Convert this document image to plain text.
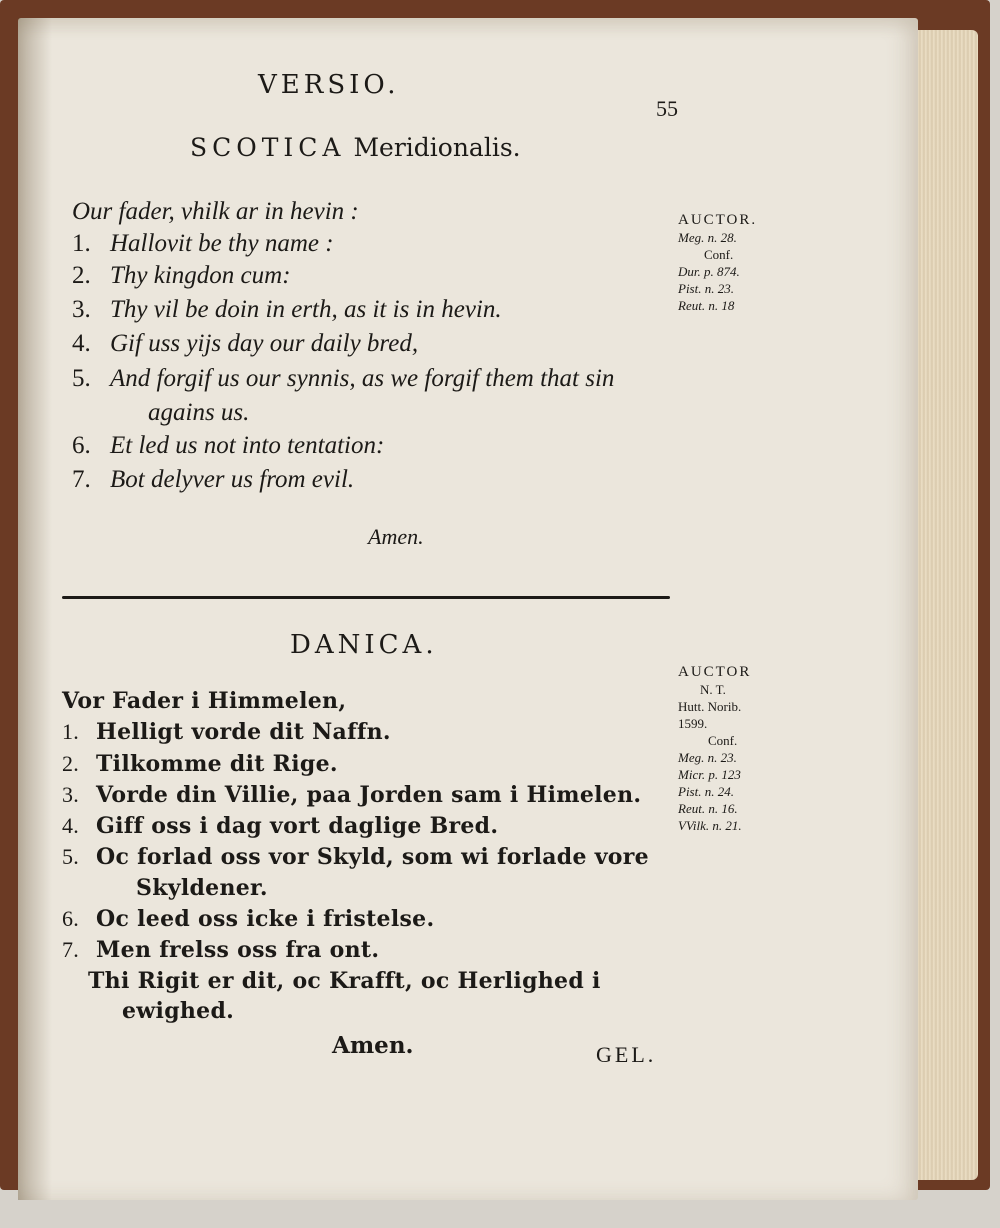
VERSIO.
55
SCOTICA Meridionalis.
Our fader, vhilk ar in hevin :
1. Hallovit be thy name :
2. Thy kingdon cum:
3. Thy vil be doin in erth, as it is in hevin.
4. Gif uss yijs day our daily bred,
5. And forgif us our synnis, as we forgif them that sin
agains us.
6. Et led us not into tentation:
7. Bot delyver us from evil.
Amen.
AUCTOR.
Meg. n. 28.
Conf.
Dur. p. 874.
Pist. n. 23.
Reut. n. 18
DANICA.
Vor Fader i Himmelen,
1. Helligt vorde dit Naffn.
2. Tilkomme dit Rige.
3. Vorde din Villie, paa Jorden sam i Himelen.
4. Giff oss i dag vort daglige Bred.
5. Oc forlad oss vor Skyld, som wi forlade vore
Skyldener.
6. Oc leed oss icke i fristelse.
7. Men frelss oss fra ont.
Thi Rigit er dit, oc Krafft, oc Herlighed i
ewighed.
Amen.	GEL.
AUCTOR
N. T.
Hutt. Norib.
1599.
Conf.
Meg. n. 23.
Micr. p. 123
Pist. n. 24.
Reut. n. 16.
VVilk. n. 21.
